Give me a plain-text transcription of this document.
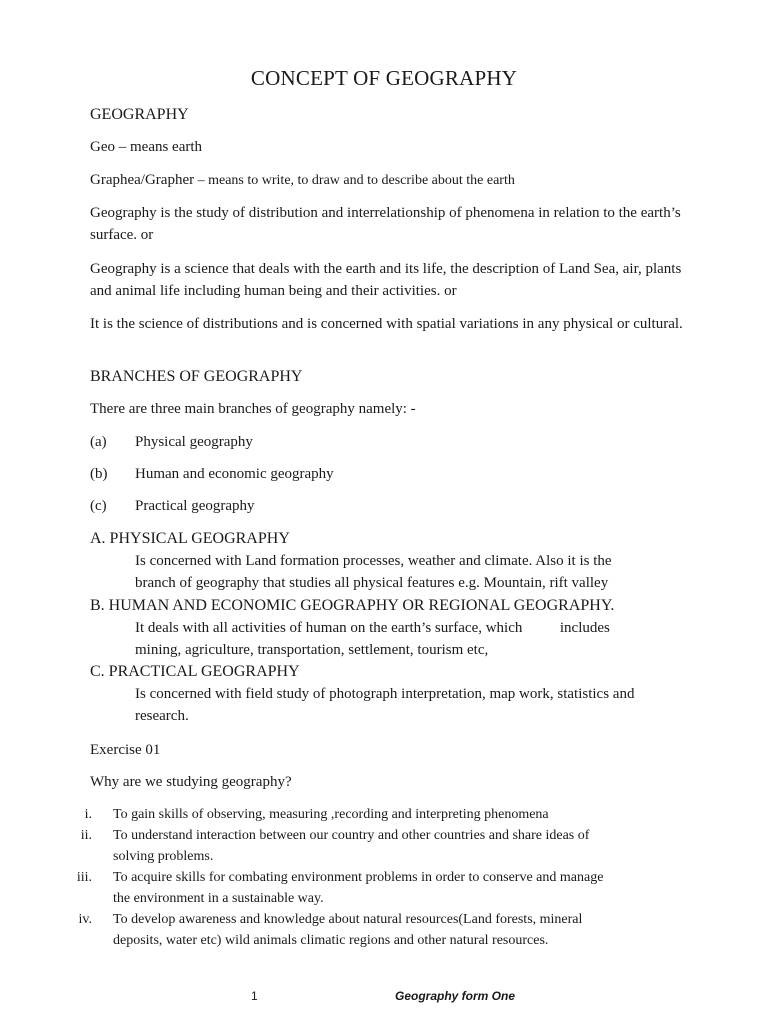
CONCEPT OF GEOGRAPHY
GEOGRAPHY
Geo – means earth
Graphea/Grapher – means to write, to draw and to describe about the earth
Geography is the study of distribution and interrelationship of phenomena in relation to the earth’s surface. or
Geography is a science that deals with the earth and its life, the description of Land Sea, air, plants and animal life including human being and their activities. or
It is the science of distributions and is concerned with spatial variations in any physical or cultural.
BRANCHES OF GEOGRAPHY
There are three main branches of geography namely: -
(a) Physical geography
(b) Human and economic geography
(c) Practical geography
A. PHYSICAL GEOGRAPHY
Is concerned with Land formation processes, weather and climate. Also it is the
branch of geography that studies all physical features e.g. Mountain, rift valley
B. HUMAN AND ECONOMIC GEOGRAPHY OR REGIONAL GEOGRAPHY.
It deals with all activities of human on the earth’s surface, which          includes
mining, agriculture, transportation, settlement, tourism etc,
C. PRACTICAL GEOGRAPHY
Is concerned with field study of photograph interpretation, map work, statistics and
research.
Exercise 01
Why are we studying geography?
i. To gain skills of observing, measuring ,recording and interpreting phenomena
ii. To understand interaction between our country and other countries and share ideas of
solving problems.
iii. To acquire skills for combating environment problems in order to conserve and manage
the environment in a sustainable way.
iv. To develop awareness and knowledge about natural resources(Land forests, mineral
deposits, water etc) wild animals climatic regions and other natural resources.
1	Geography form One
